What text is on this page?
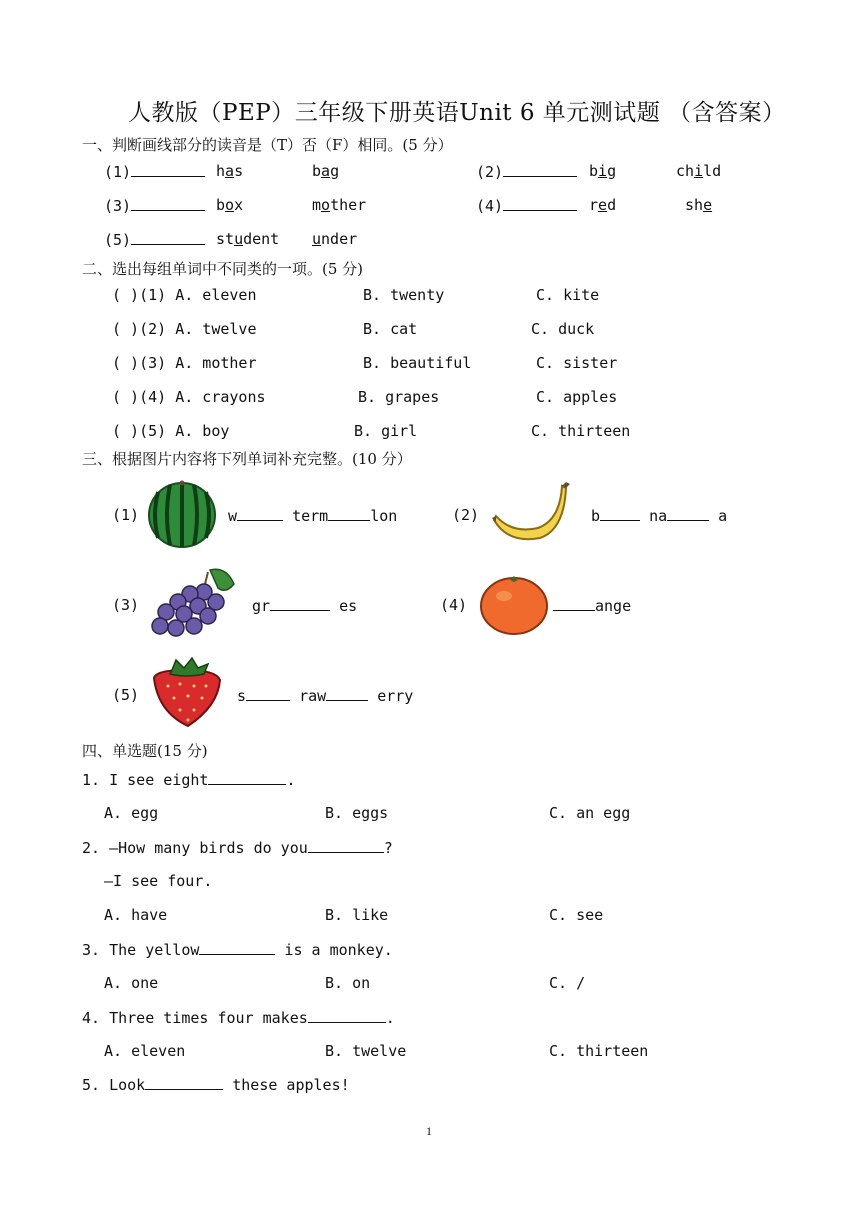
人教版（PEP）三年级下册英语Unit 6 单元测试题 （含答案）
一、判断画线部分的读音是（T）否（F）相同。(5 分）
(1)	has	bag	(2)	big	child
(3)	box	mother	(4)	red	she
(5)	student under
二、选出每组单词中不同类的一项。(5 分)
( )(1) A. eleven	B. twenty	C. kite
( )(2) A. twelve	B. cat	C. duck
( )(3) A. mother	B. beautiful	C. sister
( )(4) A. crayons	B. grapes	C. apples
( )(5) A. boy	B. girl	C. thirteen
三、根据图片内容将下列单词补充完整。(10 分）
(1)	w	term	lon	(2)	b	na	a
(3)	gr	es	(4)	ange
(5)	s	raw	erry
四、单选题(15 分)
1. I see eight	.
A. egg	B. eggs	C. an egg
2. —How many birds do you	?
—I see four.
A. have	B. like	C. see
3. The yellow	is a monkey.
A. one	B. on	C. /
4. Three times four makes	.
A. eleven	B. twelve	C. thirteen
5. Look	these apples!
1
